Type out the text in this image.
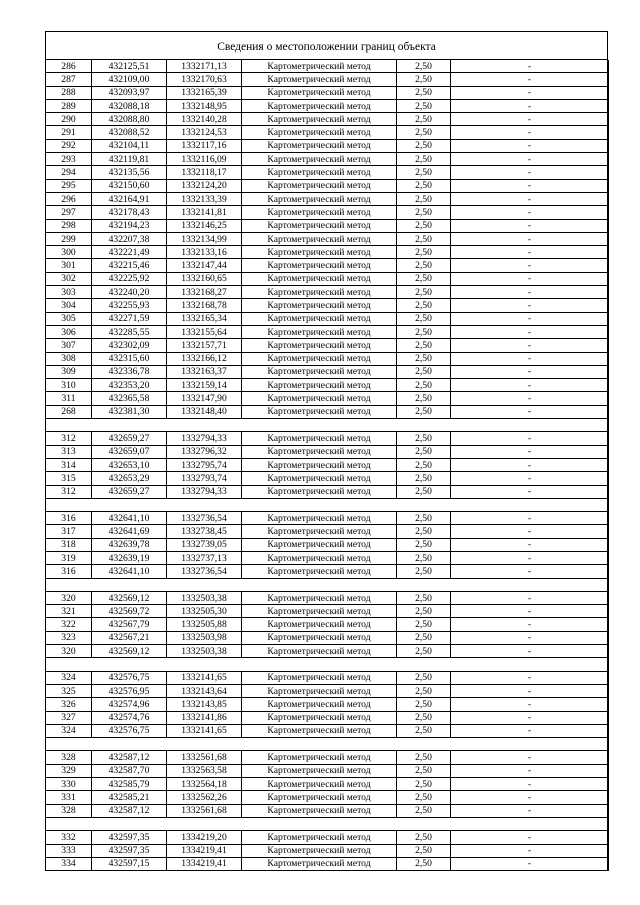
Сведения о местоположении границ объекта
286	432125,51	1332171,13	Картометрический метод	2,50	-
287	432109,00	1332170,63	Картометрический метод	2,50	-
288	432093,97	1332165,39	Картометрический метод	2,50	-
289	432088,18	1332148,95	Картометрический метод	2,50	-
290	432088,80	1332140,28	Картометрический метод	2,50	-
291	432088,52	1332124,53	Картометрический метод	2,50	-
292	432104,11	1332117,16	Картометрический метод	2,50	-
293	432119,81	1332116,09	Картометрический метод	2,50	-
294	432135,56	1332118,17	Картометрический метод	2,50	-
295	432150,60	1332124,20	Картометрический метод	2,50	-
296	432164,91	1332133,39	Картометрический метод	2,50	-
297	432178,43	1332141,81	Картометрический метод	2,50	-
298	432194,23	1332146,25	Картометрический метод	2,50	-
299	432207,38	1332134,99	Картометрический метод	2,50	-
300	432221,49	1332133,16	Картометрический метод	2,50	-
301	432215,46	1332147,44	Картометрический метод	2,50	-
302	432225,92	1332160,65	Картометрический метод	2,50	-
303	432240,20	1332168,27	Картометрический метод	2,50	-
304	432255,93	1332168,78	Картометрический метод	2,50	-
305	432271,59	1332165,34	Картометрический метод	2,50	-
306	432285,55	1332155,64	Картометрический метод	2,50	-
307	432302,09	1332157,71	Картометрический метод	2,50	-
308	432315,60	1332166,12	Картометрический метод	2,50	-
309	432336,78	1332163,37	Картометрический метод	2,50	-
310	432353,20	1332159,14	Картометрический метод	2,50	-
311	432365,58	1332147,90	Картометрический метод	2,50	-
268	432381,30	1332148,40	Картометрический метод	2,50	-

312	432659,27	1332794,33	Картометрический метод	2,50	-
313	432659,07	1332796,32	Картометрический метод	2,50	-
314	432653,10	1332795,74	Картометрический метод	2,50	-
315	432653,29	1332793,74	Картометрический метод	2,50	-
312	432659,27	1332794,33	Картометрический метод	2,50	-

316	432641,10	1332736,54	Картометрический метод	2,50	-
317	432641,69	1332738,45	Картометрический метод	2,50	-
318	432639,78	1332739,05	Картометрический метод	2,50	-
319	432639,19	1332737,13	Картометрический метод	2,50	-
316	432641,10	1332736,54	Картометрический метод	2,50	-

320	432569,12	1332503,38	Картометрический метод	2,50	-
321	432569,72	1332505,30	Картометрический метод	2,50	-
322	432567,79	1332505,88	Картометрический метод	2,50	-
323	432567,21	1332503,98	Картометрический метод	2,50	-
320	432569,12	1332503,38	Картометрический метод	2,50	-

324	432576,75	1332141,65	Картометрический метод	2,50	-
325	432576,95	1332143,64	Картометрический метод	2,50	-
326	432574,96	1332143,85	Картометрический метод	2,50	-
327	432574,76	1332141,86	Картометрический метод	2,50	-
324	432576,75	1332141,65	Картометрический метод	2,50	-

328	432587,12	1332561,68	Картометрический метод	2,50	-
329	432587,70	1332563,58	Картометрический метод	2,50	-
330	432585,79	1332564,18	Картометрический метод	2,50	-
331	432585,21	1332562,26	Картометрический метод	2,50	-
328	432587,12	1332561,68	Картометрический метод	2,50	-

332	432597,35	1334219,20	Картометрический метод	2,50	-
333	432597,35	1334219,41	Картометрический метод	2,50	-
334	432597,15	1334219,41	Картометрический метод	2,50	-
